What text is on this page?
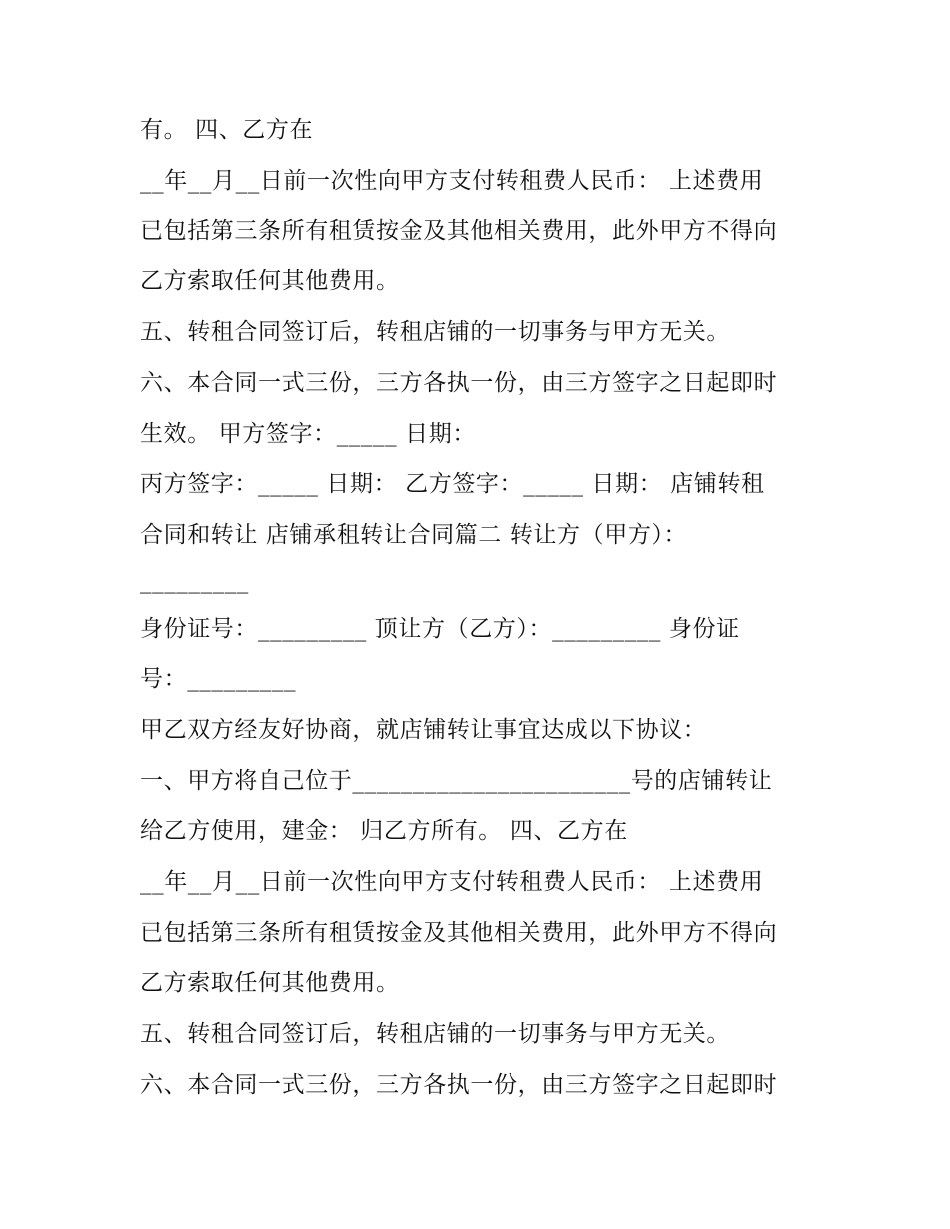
有。 四、乙方在
__年__月__日前一次性向甲方支付转租费人民币： 上述费用
已包括第三条所有租赁按金及其他相关费用，此外甲方不得向
乙方索取任何其他费用。
五、转租合同签订后，转租店铺的一切事务与甲方无关。
六、本合同一式三份，三方各执一份，由三方签字之日起即时
生效。 甲方签字：_____ 日期：
丙方签字：_____ 日期： 乙方签字：_____ 日期： 店铺转租
合同和转让 店铺承租转让合同篇二 转让方（甲方）：
_________
身份证号：_________ 顶让方（乙方）：_________ 身份证
号：_________
甲乙双方经友好协商，就店铺转让事宜达成以下协议：
一、甲方将自己位于_______________________号的店铺转让
给乙方使用，建金： 归乙方所有。 四、乙方在
__年__月__日前一次性向甲方支付转租费人民币： 上述费用
已包括第三条所有租赁按金及其他相关费用，此外甲方不得向
乙方索取任何其他费用。
五、转租合同签订后，转租店铺的一切事务与甲方无关。
六、本合同一式三份，三方各执一份，由三方签字之日起即时
